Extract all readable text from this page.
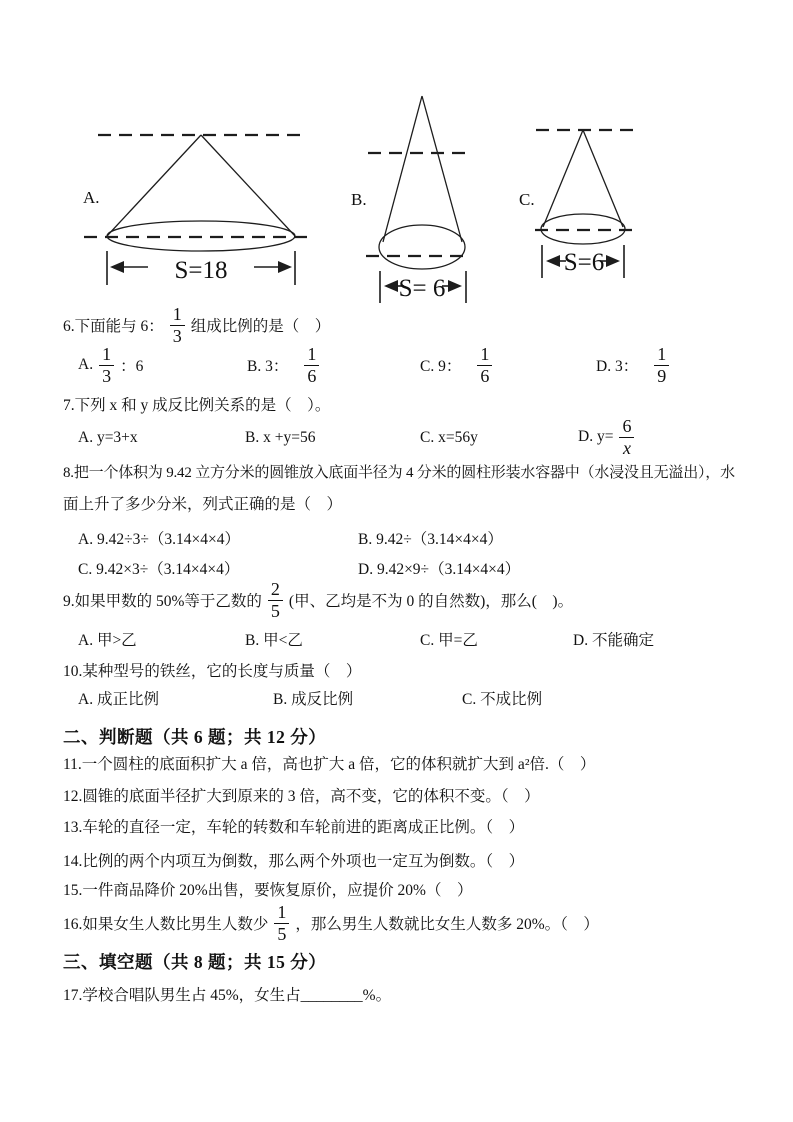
A.
S=18
B.
S= 6
C.
S=6
6.下面能与 6： $\frac{1}{3}$ 组成比例的是（　）
A. $\frac{1}{3}$ ：6	B. 3： $\frac{1}{6}$	C. 9： $\frac{1}{6}$	D. 3： $\frac{1}{9}$
7.下列 x 和 y 成反比例关系的是（　）。
A. y=3+x	B. x +y=56	C. x=56y	D. $y= \frac{6}{x}$
8.把一个体积为 9.42 立方分米的圆锥放入底面半径为 4 分米的圆柱形装水容器中（水浸没且无溢出），水
面上升了多少分米，列式正确的是（　）
A. 9.42÷3÷（3.14×4×4）	B. 9.42÷（3.14×4×4）
C. 9.42×3÷（3.14×4×4）	D. 9.42×9÷（3.14×4×4）
9.如果甲数的 50%等于乙数的 $\frac{2}{5}$ (甲、乙均是不为 0 的自然数)，那么(　)。
A. 甲>乙	B. 甲<乙	C. 甲=乙	D. 不能确定
10.某种型号的铁丝，它的长度与质量（　）
A. 成正比例	B. 成反比例	C. 不成比例
二、判断题（共 6 题；共 12 分）
11.一个圆柱的底面积扩大 a 倍，高也扩大 a 倍，它的体积就扩大到 a²倍.（　）
12.圆锥的底面半径扩大到原来的 3 倍，高不变，它的体积不变。（　）
13.车轮的直径一定，车轮的转数和车轮前进的距离成正比例。（　）
14.比例的两个内项互为倒数，那么两个外项也一定互为倒数。（　）
15.一件商品降价 20%出售，要恢复原价，应提价 20%（　）
16.如果女生人数比男生人数少 $\frac{1}{5}$ ，那么男生人数就比女生人数多 20%。（　）
三、填空题（共 8 题；共 15 分）
17.学校合唱队男生占 45%，女生占________%。
